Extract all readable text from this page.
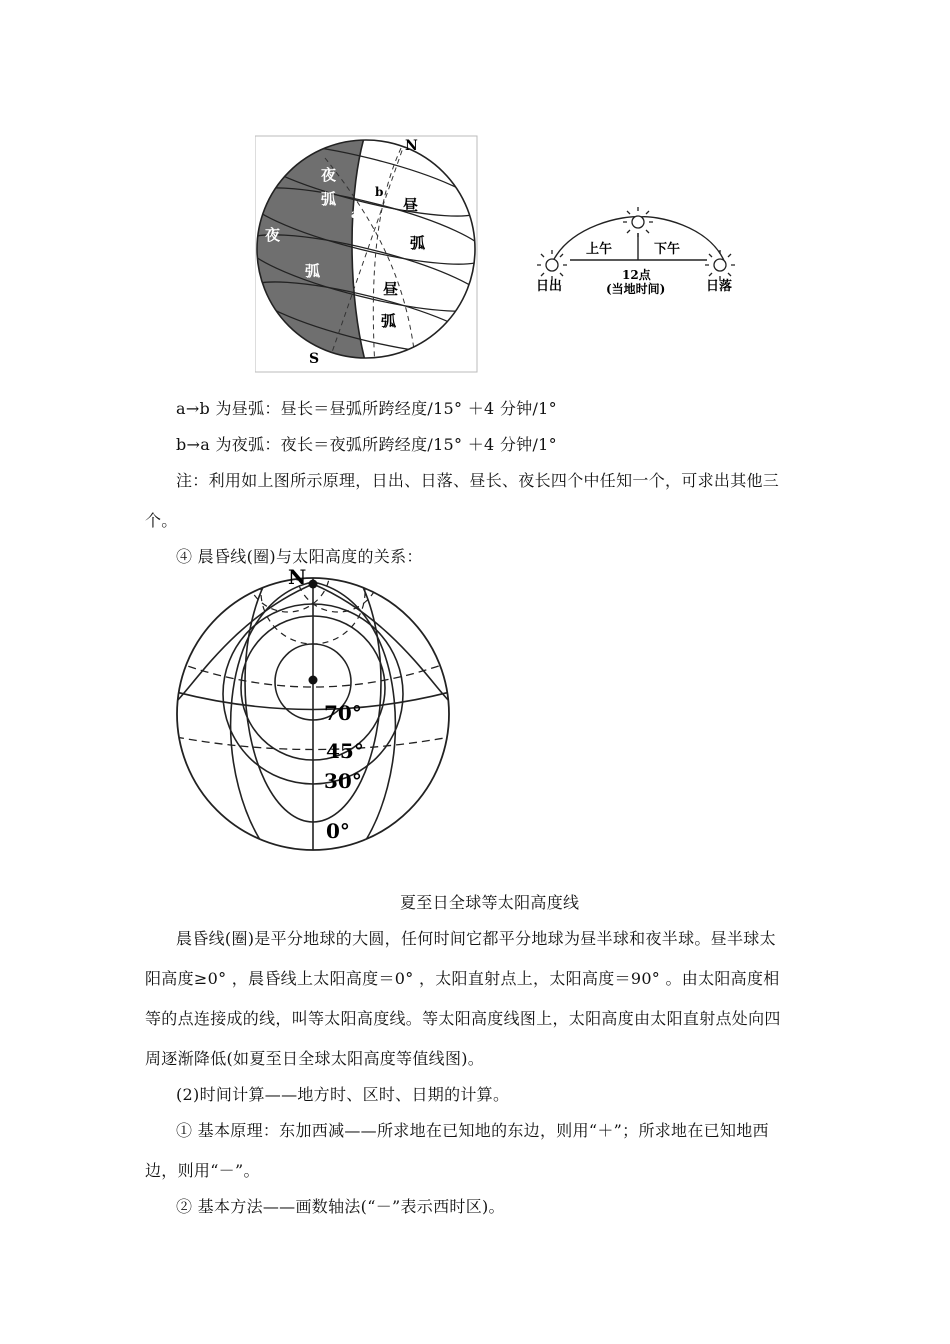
N
S
a
b
夜
弧
夜
弧
昼
弧
昼
弧
上午	下午
12点
(当地时间)
日出	日落

a→b 为昼弧：昼长＝昼弧所跨经度/15° ＋4 分钟/1°

b→a 为夜弧：夜长＝夜弧所跨经度/15° ＋4 分钟/1°

注：利用如上图所示原理，日出、日落、昼长、夜长四个中任知一个，可求出其他三

个。

④ 晨昏线(圈)与太阳高度的关系：

N
70°
45°
30°
0°

夏至日全球等太阳高度线

晨昏线(圈)是平分地球的大圆，任何时间它都平分地球为昼半球和夜半球。昼半球太

阳高度≥0° ，晨昏线上太阳高度＝0° ，太阳直射点上，太阳高度＝90° 。由太阳高度相

等的点连接成的线，叫等太阳高度线。等太阳高度线图上，太阳高度由太阳直射点处向四

周逐渐降低(如夏至日全球太阳高度等值线图)。

(2)时间计算——地方时、区时、日期的计算。

① 基本原理：东加西减——所求地在已知地的东边，则用“＋”；所求地在已知地西

边，则用“－”。

② 基本方法——画数轴法(“－”表示西时区)。
